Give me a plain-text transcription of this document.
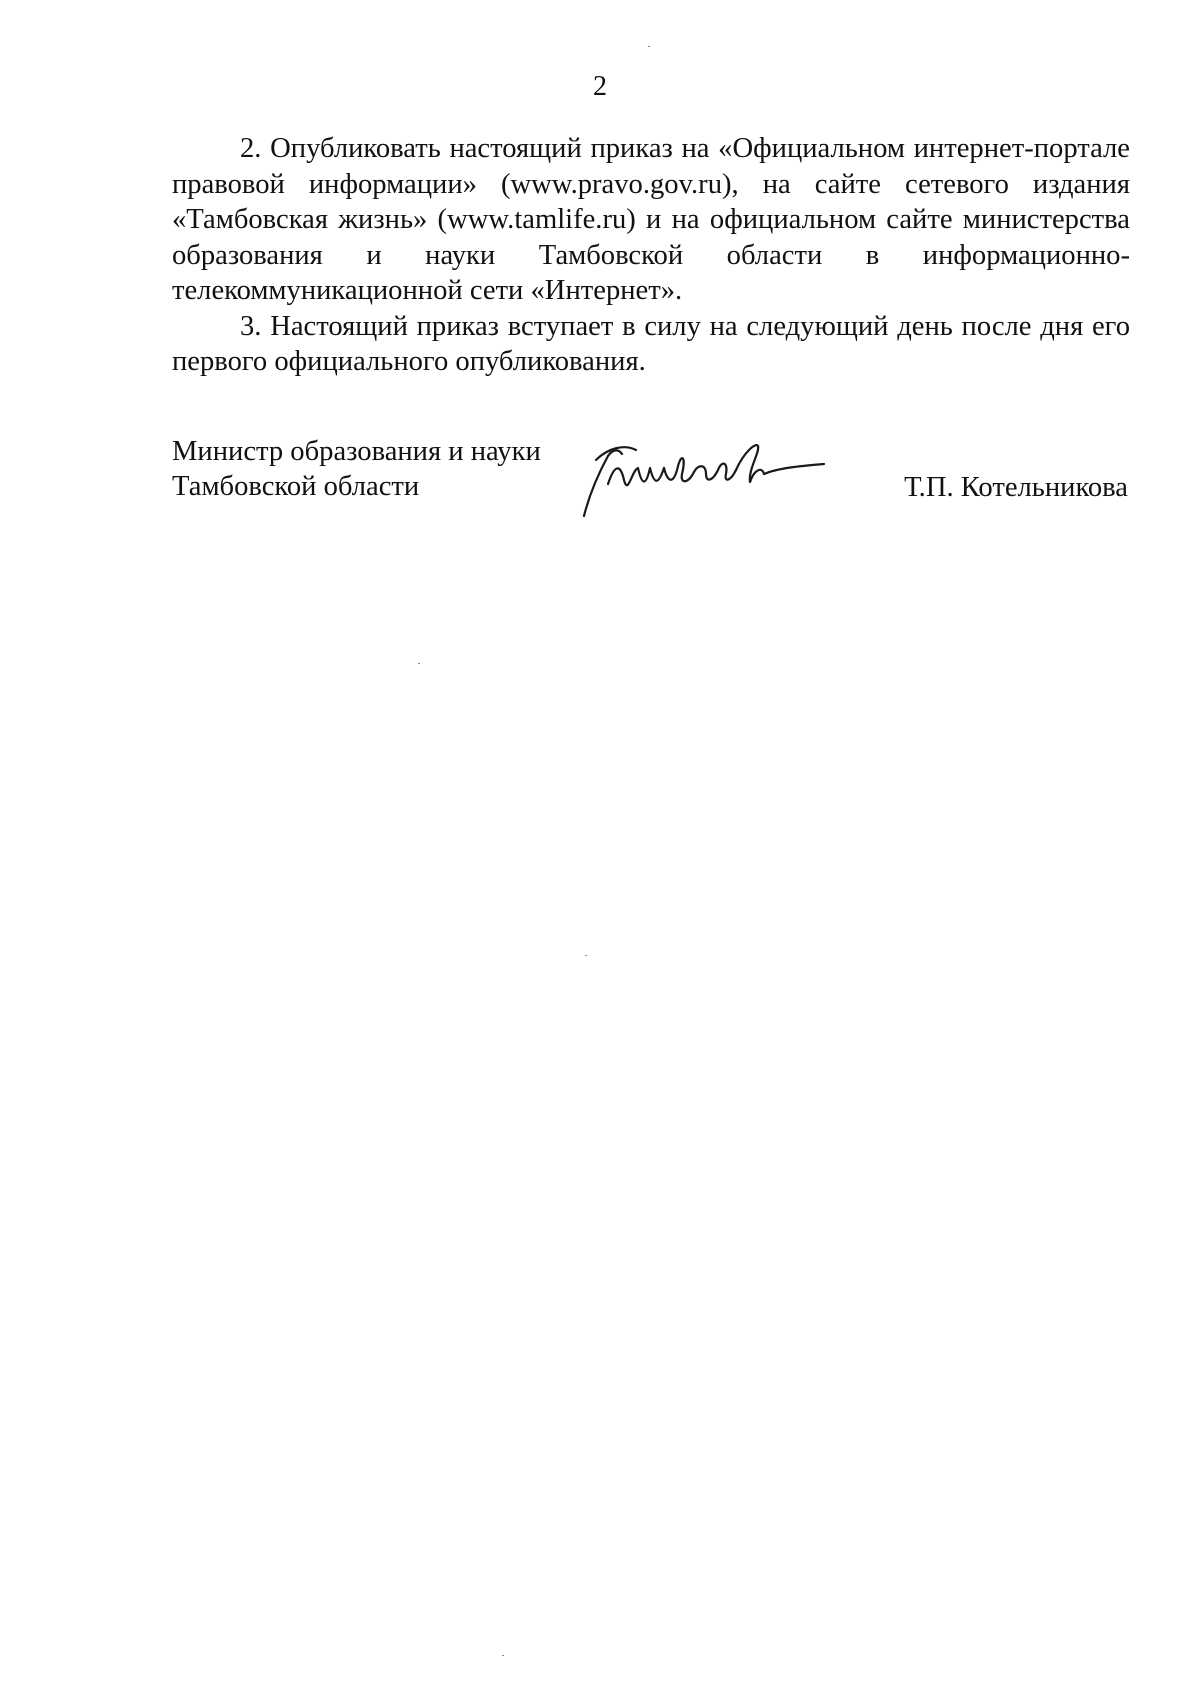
2

2. Опубликовать настоящий приказ на «Официальном интернет-портале правовой информации» (www.pravo.gov.ru), на сайте сетевого издания «Тамбовская жизнь» (www.tamlife.ru) и на официальном сайте министерства образования и науки Тамбовской области в информационно-телекоммуникационной сети «Интернет».

3. Настоящий приказ вступает в силу на следующий день после дня его первого официального опубликования.

Министр образования и науки
Тамбовской области	Т.П. Котельникова
